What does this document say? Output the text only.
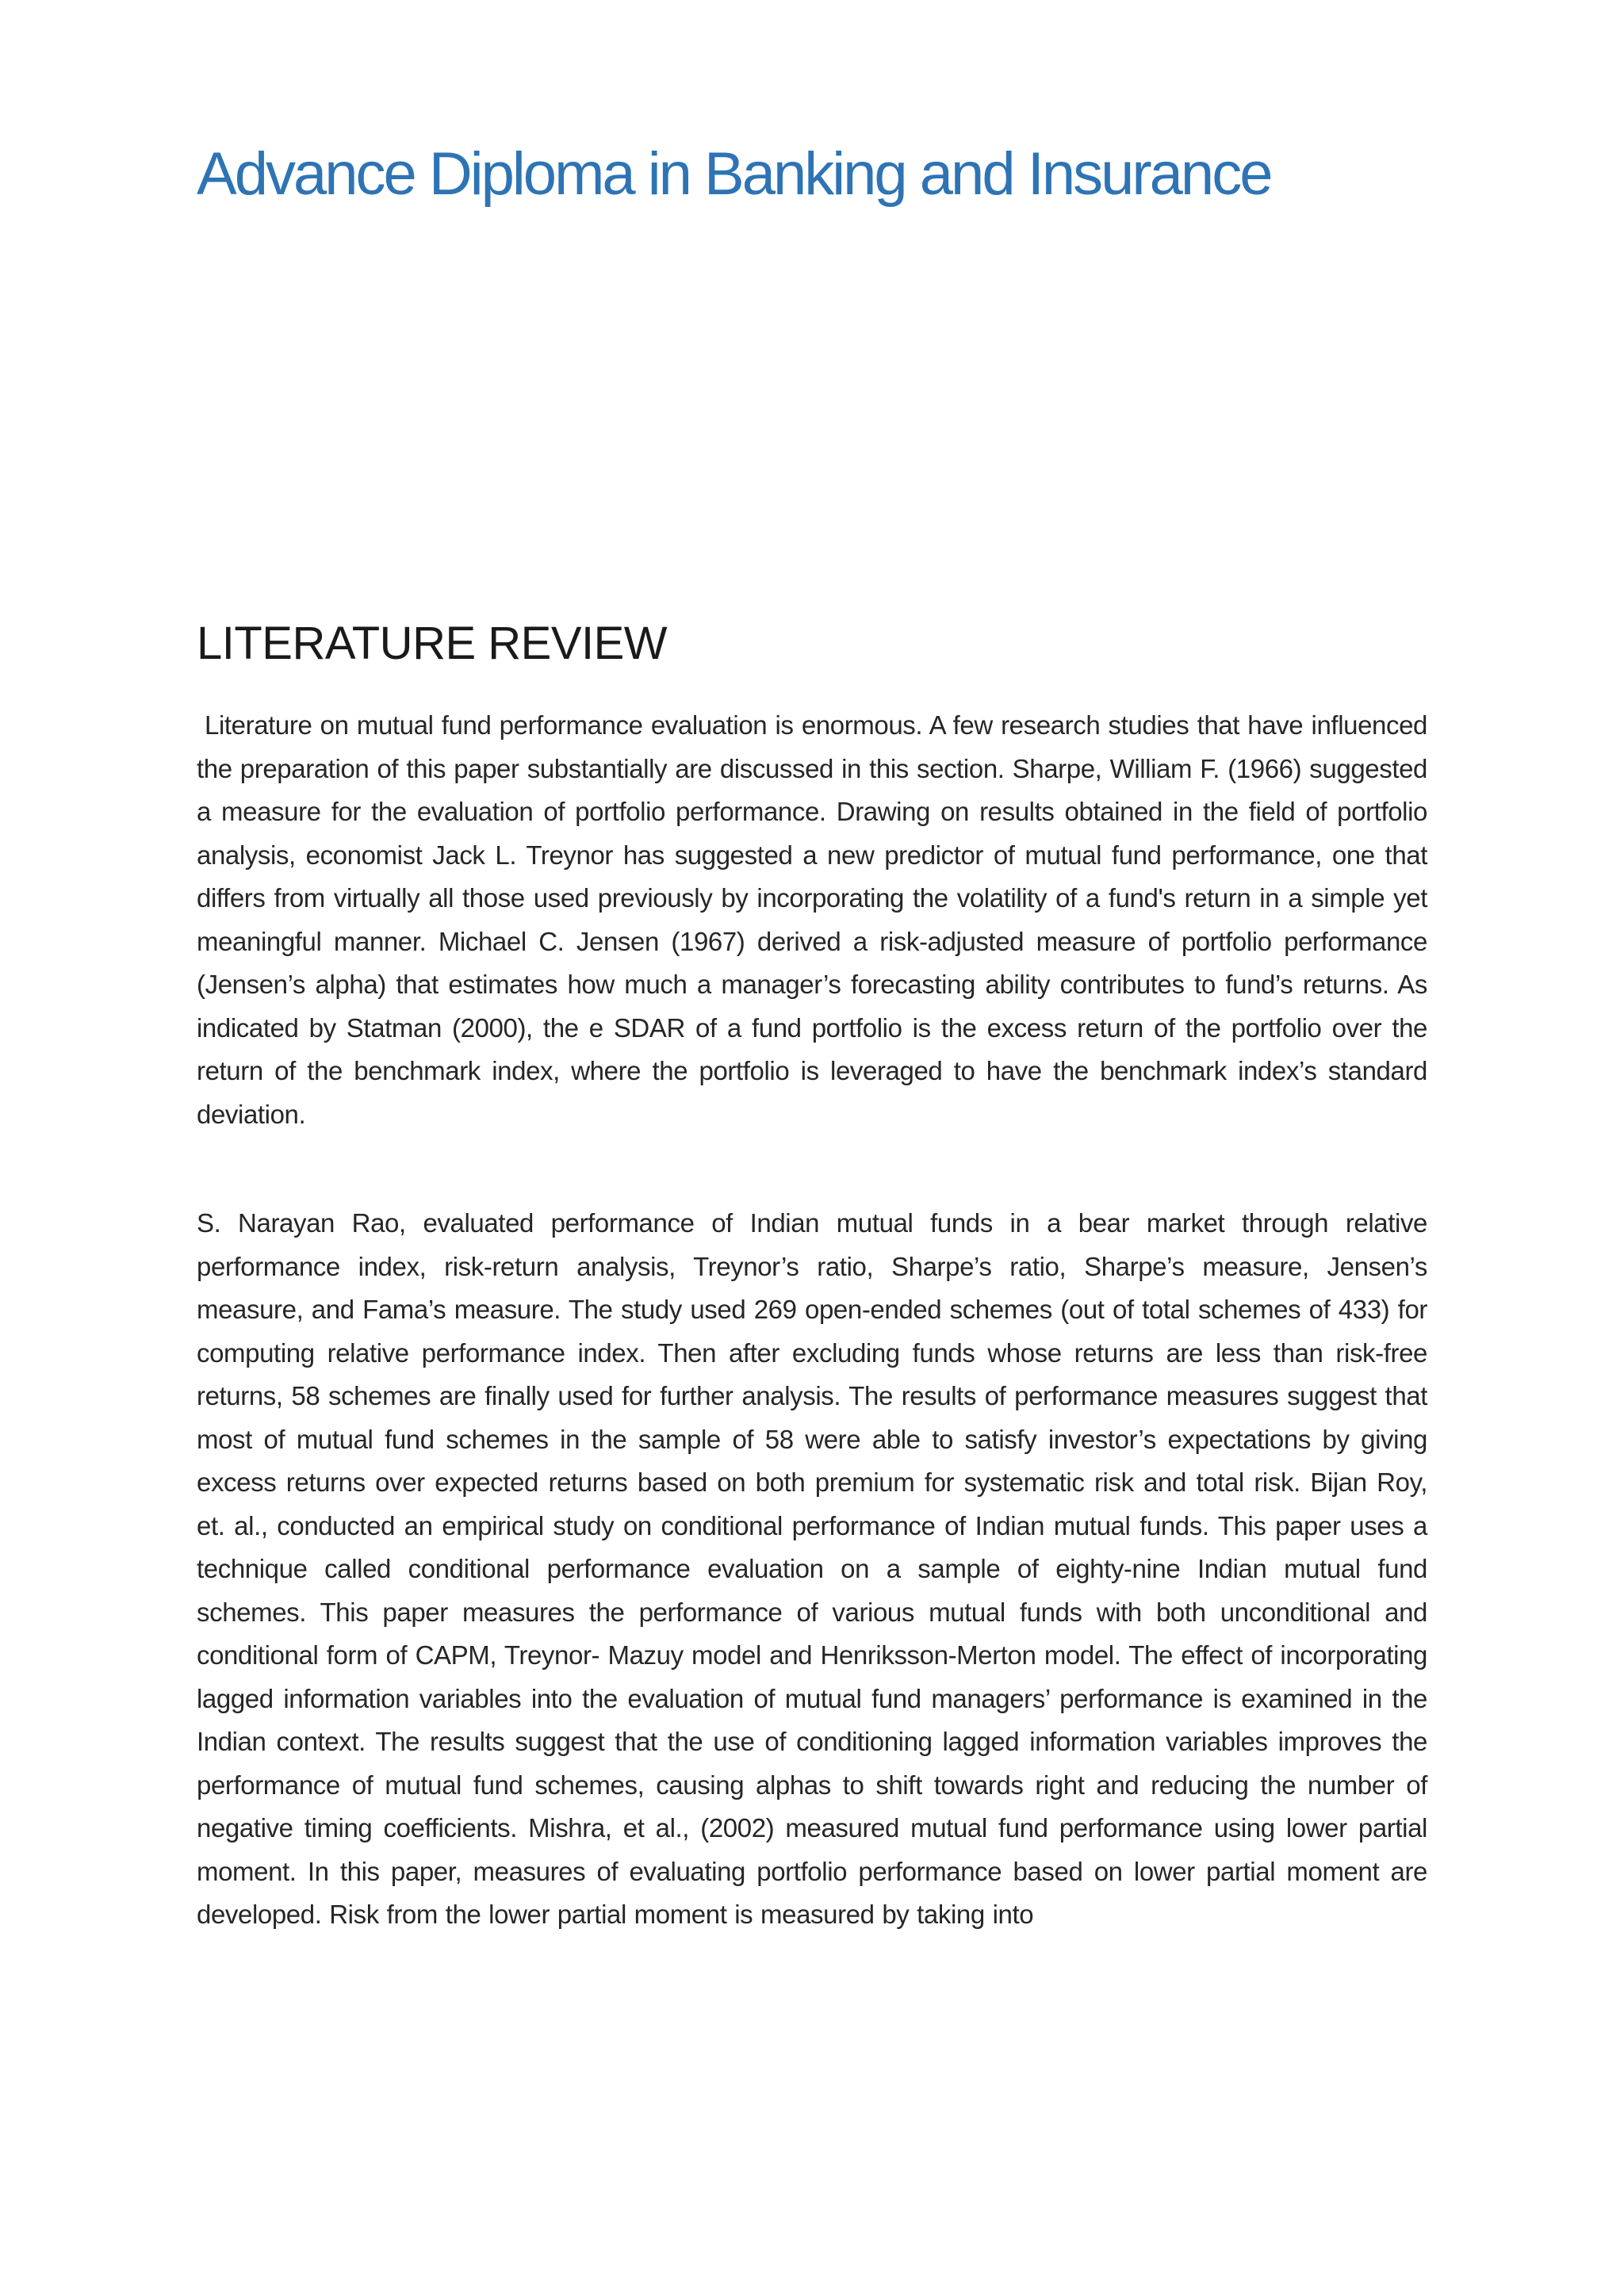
Advance Diploma in Banking and Insurance
LITERATURE REVIEW

Literature on mutual fund performance evaluation is enormous. A few research studies that have influenced the preparation of this paper substantially are discussed in this section. Sharpe, William F. (1966) suggested a measure for the evaluation of portfolio performance. Drawing on results obtained in the field of portfolio analysis, economist Jack L. Treynor has suggested a new predictor of mutual fund performance, one that differs from virtually all those used previously by incorporating the volatility of a fund's return in a simple yet meaningful manner. Michael C. Jensen (1967) derived a risk-adjusted measure of portfolio performance (Jensen’s alpha) that estimates how much a manager’s forecasting ability contributes to fund’s returns. As indicated by Statman (2000), the e SDAR of a fund portfolio is the excess return of the portfolio over the return of the benchmark index, where the portfolio is leveraged to have the benchmark index’s standard deviation.

S. Narayan Rao, evaluated performance of Indian mutual funds in a bear market through relative performance index, risk-return analysis, Treynor’s ratio, Sharpe’s ratio, Sharpe’s measure, Jensen’s measure, and Fama’s measure. The study used 269 open-ended schemes (out of total schemes of 433) for computing relative performance index. Then after excluding funds whose returns are less than risk-free returns, 58 schemes are finally used for further analysis. The results of performance measures suggest that most of mutual fund schemes in the sample of 58 were able to satisfy investor’s expectations by giving excess returns over expected returns based on both premium for systematic risk and total risk. Bijan Roy, et. al., conducted an empirical study on conditional performance of Indian mutual funds. This paper uses a technique called conditional performance evaluation on a sample of eighty-nine Indian mutual fund schemes. This paper measures the performance of various mutual funds with both unconditional and conditional form of CAPM, Treynor- Mazuy model and Henriksson-Merton model. The effect of incorporating lagged information variables into the evaluation of mutual fund managers’ performance is examined in the Indian context. The results suggest that the use of conditioning lagged information variables improves the performance of mutual fund schemes, causing alphas to shift towards right and reducing the number of negative timing coefficients. Mishra, et al., (2002) measured mutual fund performance using lower partial moment. In this paper, measures of evaluating portfolio performance based on lower partial moment are developed. Risk from the lower partial moment is measured by taking into
